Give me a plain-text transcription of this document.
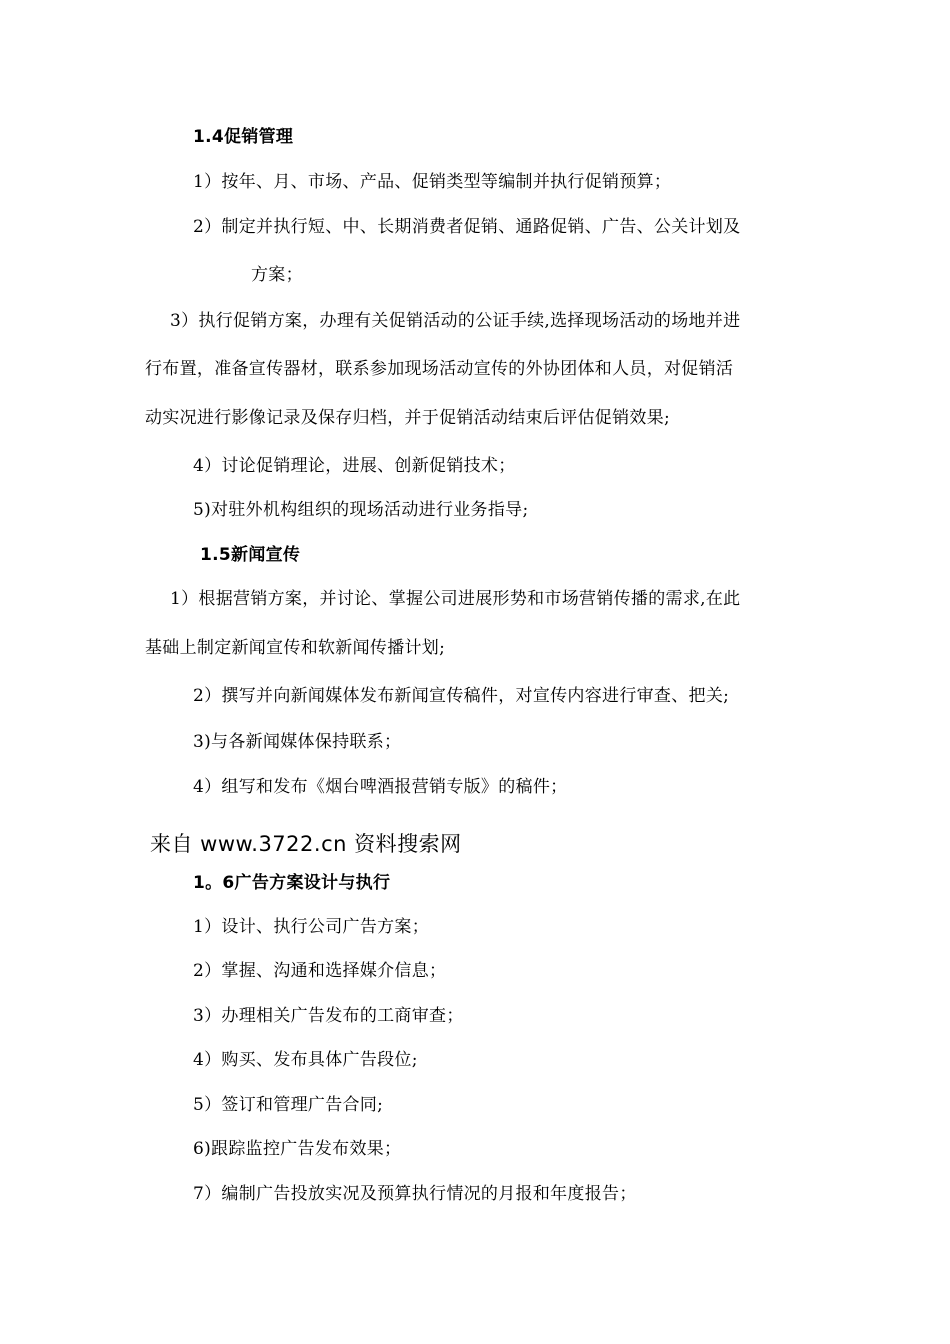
1.4促销管理
1）按年、月、市场、产品、促销类型等编制并执行促销预算；
2）制定并执行短、中、长期消费者促销、通路促销、广告、公关计划及
方案；
3）执行促销方案，办理有关促销活动的公证手续,选择现场活动的场地并进
行布置，准备宣传器材，联系参加现场活动宣传的外协团体和人员，对促销活
动实况进行影像记录及保存归档，并于促销活动结束后评估促销效果;
4）讨论促销理论，进展、创新促销技术；
5)对驻外机构组织的现场活动进行业务指导;
1.5新闻宣传
1）根据营销方案，并讨论、掌握公司进展形势和市场营销传播的需求,在此
基础上制定新闻宣传和软新闻传播计划;
2）撰写并向新闻媒体发布新闻宣传稿件，对宣传内容进行审查、把关;
3)与各新闻媒体保持联系；
4）组写和发布《烟台啤酒报营销专版》的稿件；
来自 www.3722.cn 资料搜索网
1。6广告方案设计与执行
1）设计、执行公司广告方案；
2）掌握、沟通和选择媒介信息；
3）办理相关广告发布的工商审查；
4）购买、发布具体广告段位;
5）签订和管理广告合同;
6)跟踪监控广告发布效果；
7）编制广告投放实况及预算执行情况的月报和年度报告；
